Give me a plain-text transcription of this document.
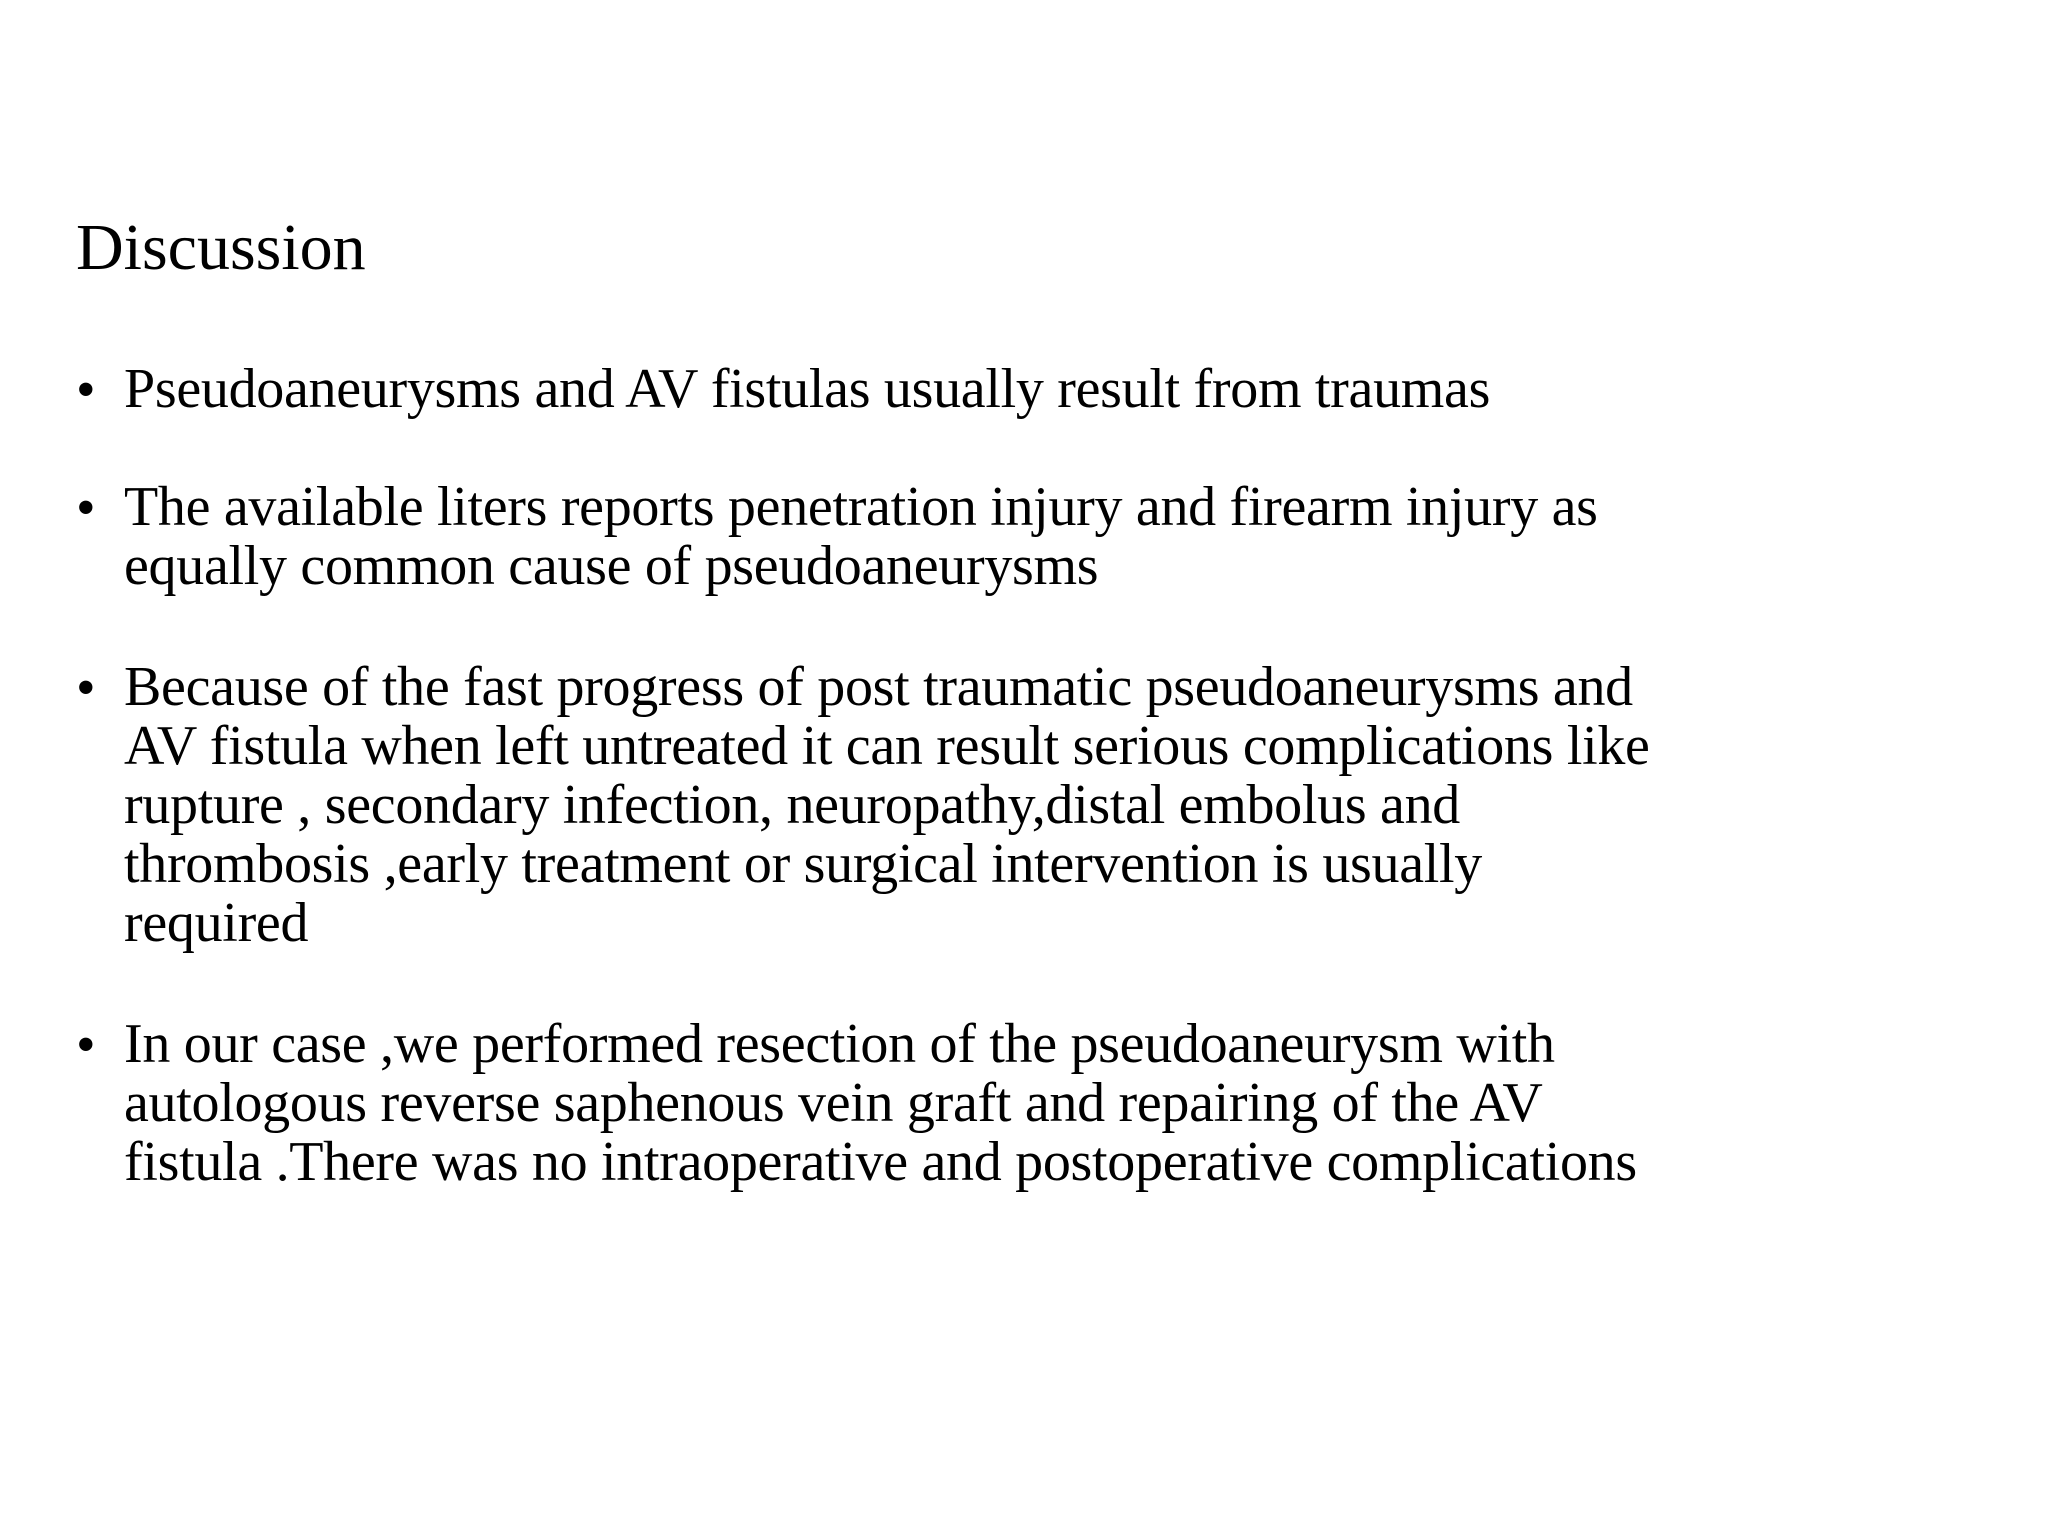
Discussion
• Pseudoaneurysms and AV fistulas usually result from traumas
• The available liters reports penetration injury and firearm injury as
equally common cause of pseudoaneurysms
• Because of the fast progress of post traumatic pseudoaneurysms and
AV fistula when left untreated it can result serious complications like
rupture , secondary infection, neuropathy,distal embolus and
thrombosis ,early treatment or surgical intervention is usually
required
• In our case ,we performed resection of the pseudoaneurysm with
autologous reverse saphenous vein graft and repairing of the AV
fistula .There was no intraoperative and postoperative complications
